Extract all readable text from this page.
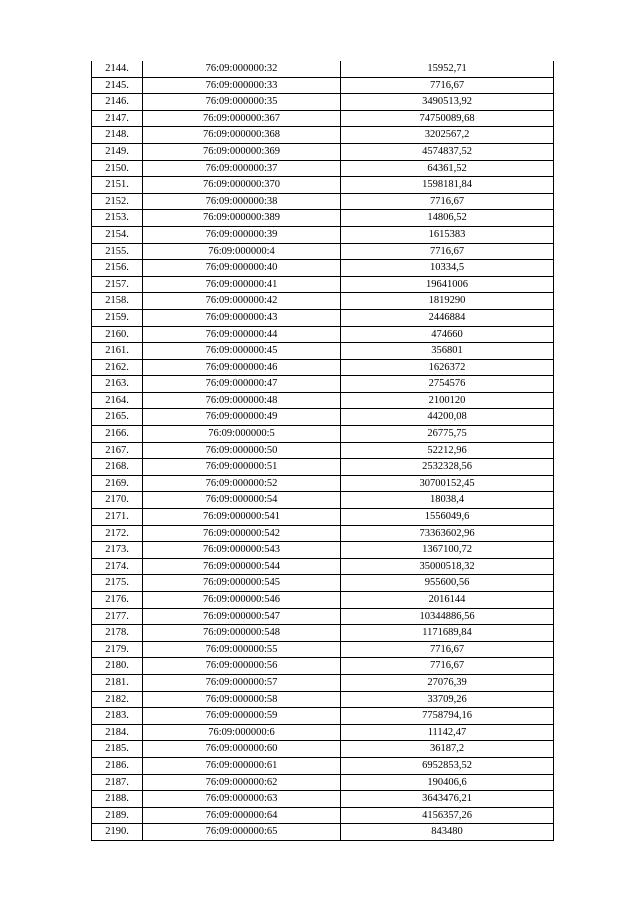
2144.	76:09:000000:32	15952,71
2145.	76:09:000000:33	7716,67
2146.	76:09:000000:35	3490513,92
2147.	76:09:000000:367	74750089,68
2148.	76:09:000000:368	3202567,2
2149.	76:09:000000:369	4574837,52
2150.	76:09:000000:37	64361,52
2151.	76:09:000000:370	1598181,84
2152.	76:09:000000:38	7716,67
2153.	76:09:000000:389	14806,52
2154.	76:09:000000:39	1615383
2155.	76:09:000000:4	7716,67
2156.	76:09:000000:40	10334,5
2157.	76:09:000000:41	19641006
2158.	76:09:000000:42	1819290
2159.	76:09:000000:43	2446884
2160.	76:09:000000:44	474660
2161.	76:09:000000:45	356801
2162.	76:09:000000:46	1626372
2163.	76:09:000000:47	2754576
2164.	76:09:000000:48	2100120
2165.	76:09:000000:49	44200,08
2166.	76:09:000000:5	26775,75
2167.	76:09:000000:50	52212,96
2168.	76:09:000000:51	2532328,56
2169.	76:09:000000:52	30700152,45
2170.	76:09:000000:54	18038,4
2171.	76:09:000000:541	1556049,6
2172.	76:09:000000:542	73363602,96
2173.	76:09:000000:543	1367100,72
2174.	76:09:000000:544	35000518,32
2175.	76:09:000000:545	955600,56
2176.	76:09:000000:546	2016144
2177.	76:09:000000:547	10344886,56
2178.	76:09:000000:548	1171689,84
2179.	76:09:000000:55	7716,67
2180.	76:09:000000:56	7716,67
2181.	76:09:000000:57	27076,39
2182.	76:09:000000:58	33709,26
2183.	76:09:000000:59	7758794,16
2184.	76:09:000000:6	11142,47
2185.	76:09:000000:60	36187,2
2186.	76:09:000000:61	6952853,52
2187.	76:09:000000:62	190406,6
2188.	76:09:000000:63	3643476,21
2189.	76:09:000000:64	4156357,26
2190.	76:09:000000:65	843480
